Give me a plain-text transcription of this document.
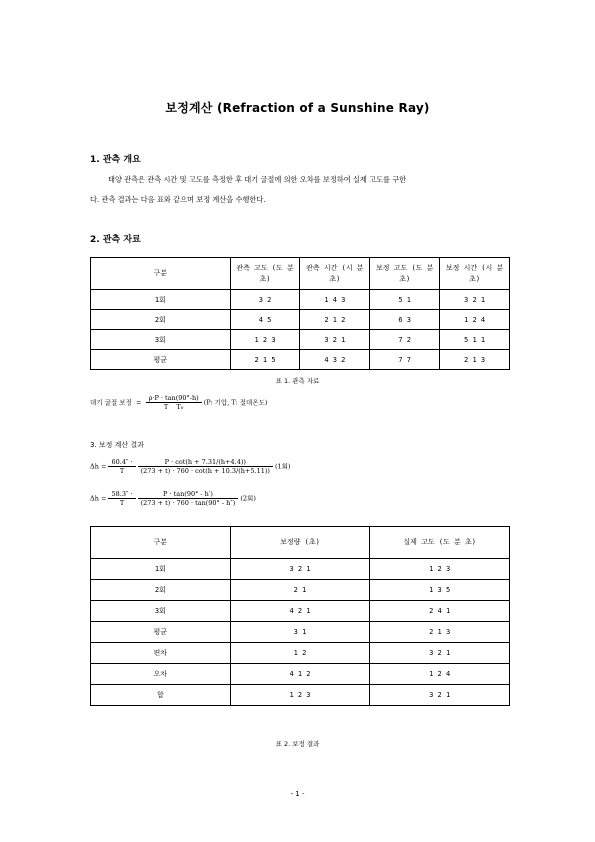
보정계산 (Refraction of a Sunshine Ray)
1. 관측 개요
태양 관측은 관측 시간 및 고도를 측정한 후 대기 굴절에 의한 오차를 보정하여 실제 고도를 구한
다. 관측 결과는 다음 표와 같으며 보정 계산을 수행한다.
2. 관측 자료
구분	관측 고도 (도 분 초)	관측 시간 (시 분 초)	보정 고도 (도 분 초)	보정 시간 (시 분 초)
1회	3 2	1 4 3	5 1	3 2 1
2회	4 5	2 1 2	6 3	1 2 4
3회	1 2 3	3 2 1	7 2	5 1 1
평균	2 1 5	4 3 2	7 7	2 1 3
표 1. 관측 자료
대기 굴절 보정  = $\frac{\rho\cdot P \cdot \tan(90^\circ-h)}{\text{T T₀}} (P$: 기압, T: 절대온도)
3. 보정 계산 결과
$\Delta h = \frac{60.4'' \cdot}{T}$
$\frac{P \cdot \cot(h + 7.31/(h+4.4))}{(273 + t) \cdot 760 \cdot \cot(h + 10.3/(h+5.11))} (1$회)
$\Delta h = \frac{58.3'' \cdot}{T}$
$\frac{P \cdot \tan(90^\circ - h')}{(273 + t) \cdot 760 \cdot \tan(90^\circ - h'')} (2$회)
구분	보정량 (초)	실제 고도 (도 분 초)
1회	3 2 1	1 2 3
2회	2 1	1 3 5
3회	4 2 1	2 4 1
평균	3 1	2 1 3
편차	1 2	3 2 1
오차	4 1 2	1 2 4
합	1 2 3	3 2 1
표 2. 보정 결과
- 1 -
